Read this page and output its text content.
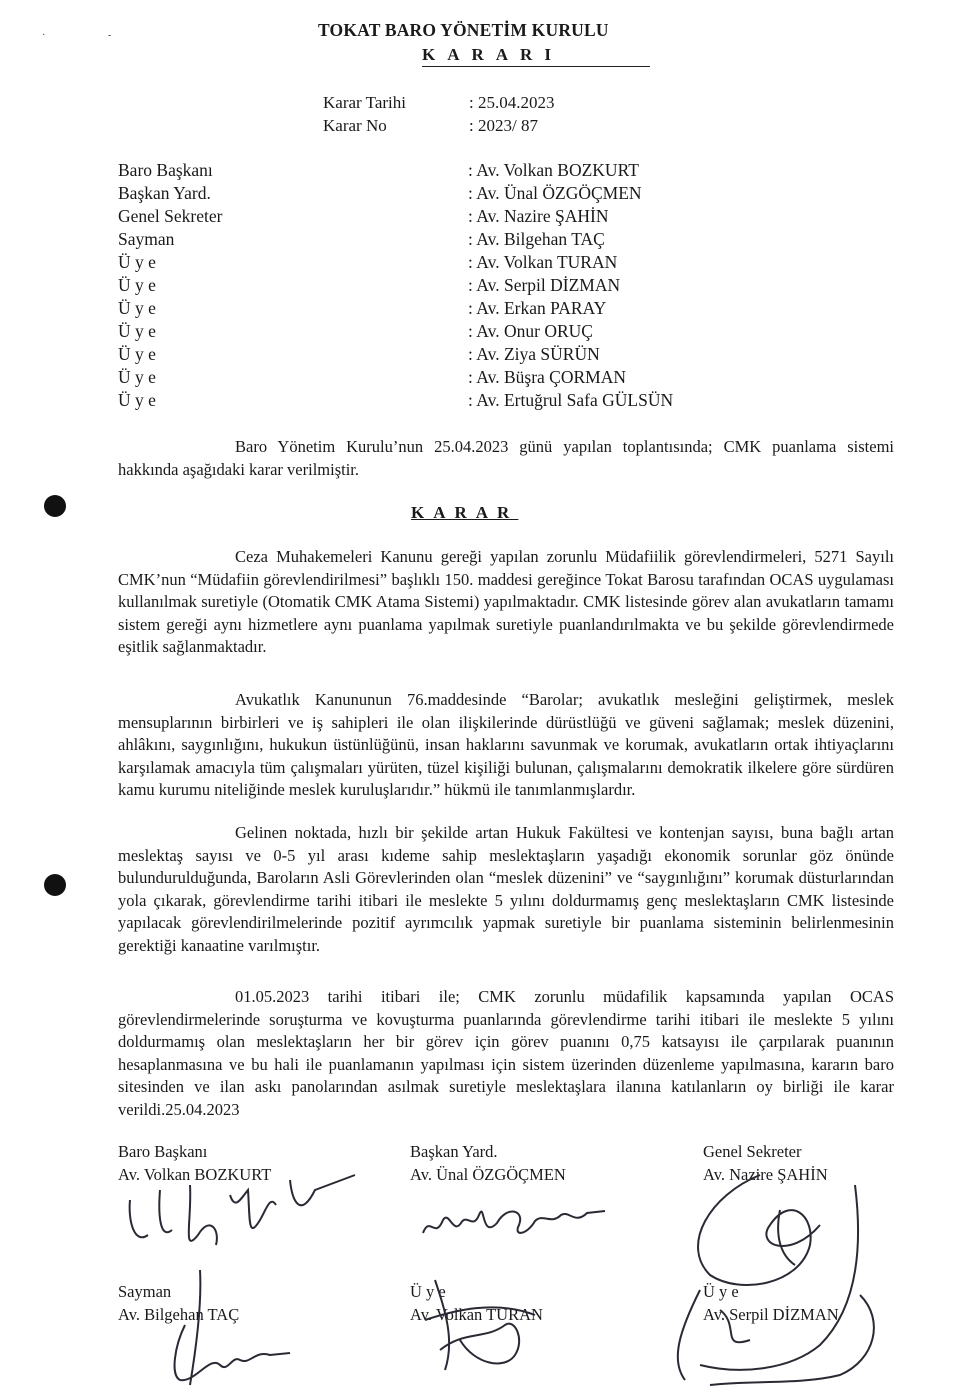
· -	TOKAT BARO YÖNETİM KURULU
KARARI
Karar Tarihi	: 25.04.2023
Karar No	: 2023/ 87
Baro Başkanı	: Av. Volkan BOZKURT
Başkan Yard.	: Av. Ünal ÖZGÖÇMEN
Genel Sekreter	: Av. Nazire ŞAHİN
Sayman	: Av. Bilgehan TAÇ
Ü y e	: Av. Volkan TURAN
Ü y e	: Av. Serpil DİZMAN
Ü y e	: Av. Erkan PARAY
Ü y e	: Av. Onur ORUÇ
Ü y e	: Av. Ziya SÜRÜN
Ü y e	: Av. Büşra ÇORMAN
Ü y e	: Av. Ertuğrul Safa GÜLSÜN
Baro Yönetim Kurulu’nun 25.04.2023 günü yapılan toplantısında; CMK puanlama sistemi hakkında aşağıdaki karar verilmiştir.
KARAR
Ceza Muhakemeleri Kanunu gereği yapılan zorunlu Müdafiilik görevlendirmeleri, 5271 Sayılı CMK’nun “Müdafiin görevlendirilmesi” başlıklı 150. maddesi gereğince Tokat Barosu tarafından OCAS uygulaması kullanılmak suretiyle (Otomatik CMK Atama Sistemi) yapılmaktadır. CMK listesinde görev alan avukatların tamamı sistem gereği aynı hizmetlere aynı puanlama yapılmak suretiyle puanlandırılmakta ve bu şekilde görevlendirmede eşitlik sağlanmaktadır.
Avukatlık Kanununun 76.maddesinde “Barolar; avukatlık mesleğini geliştirmek, meslek mensuplarının birbirleri ve iş sahipleri ile olan ilişkilerinde dürüstlüğü ve güveni sağlamak; meslek düzenini, ahlâkını, saygınlığını, hukukun üstünlüğünü, insan haklarını savunmak ve korumak, avukatların ortak ihtiyaçlarını karşılamak amacıyla tüm çalışmaları yürüten, tüzel kişiliği bulunan, çalışmalarını demokratik ilkelere göre sürdüren kamu kurumu niteliğinde meslek kuruluşlarıdır.” hükmü ile tanımlanmışlardır.
Gelinen noktada, hızlı bir şekilde artan Hukuk Fakültesi ve kontenjan sayısı, buna bağlı artan meslektaş sayısı ve 0-5 yıl arası kıdeme sahip meslektaşların yaşadığı ekonomik sorunlar göz önünde bulundurulduğunda, Baroların Asli Görevlerinden olan “meslek düzenini” ve “saygınlığını” korumak düsturlarından yola çıkarak, görevlendirme tarihi itibari ile meslekte 5 yılını doldurmamış genç meslektaşların CMK listesinde yapılacak görevlendirilmelerinde pozitif ayrımcılık yapmak suretiyle bir puanlama sisteminin belirlenmesinin gerektiği kanaatine varılmıştır.
01.05.2023 tarihi itibari ile; CMK zorunlu müdafilik kapsamında yapılan OCAS görevlendirmelerinde soruşturma ve kovuşturma puanlarında görevlendirme tarihi itibari ile meslekte 5 yılını doldurmamış olan meslektaşların her bir görev için görev puanını 0,75 katsayısı ile çarpılarak puanının hesaplanmasına ve bu hali ile puanlamanın yapılması için sistem üzerinden düzenleme yapılmasına, kararın baro sitesinden ve ilan askı panolarından asılmak suretiyle meslektaşlara ilanına katılanların oy birliği ile karar verildi.25.04.2023
Baro Başkanı
Av. Volkan BOZKURT
Başkan Yard.
Av. Ünal ÖZGÖÇMEN
Genel Sekreter
Av. Nazire ŞAHİN
Sayman
Av. Bilgehan TAÇ
Ü y e
Av. Volkan TURAN
Ü y e
Av. Serpil DİZMAN
